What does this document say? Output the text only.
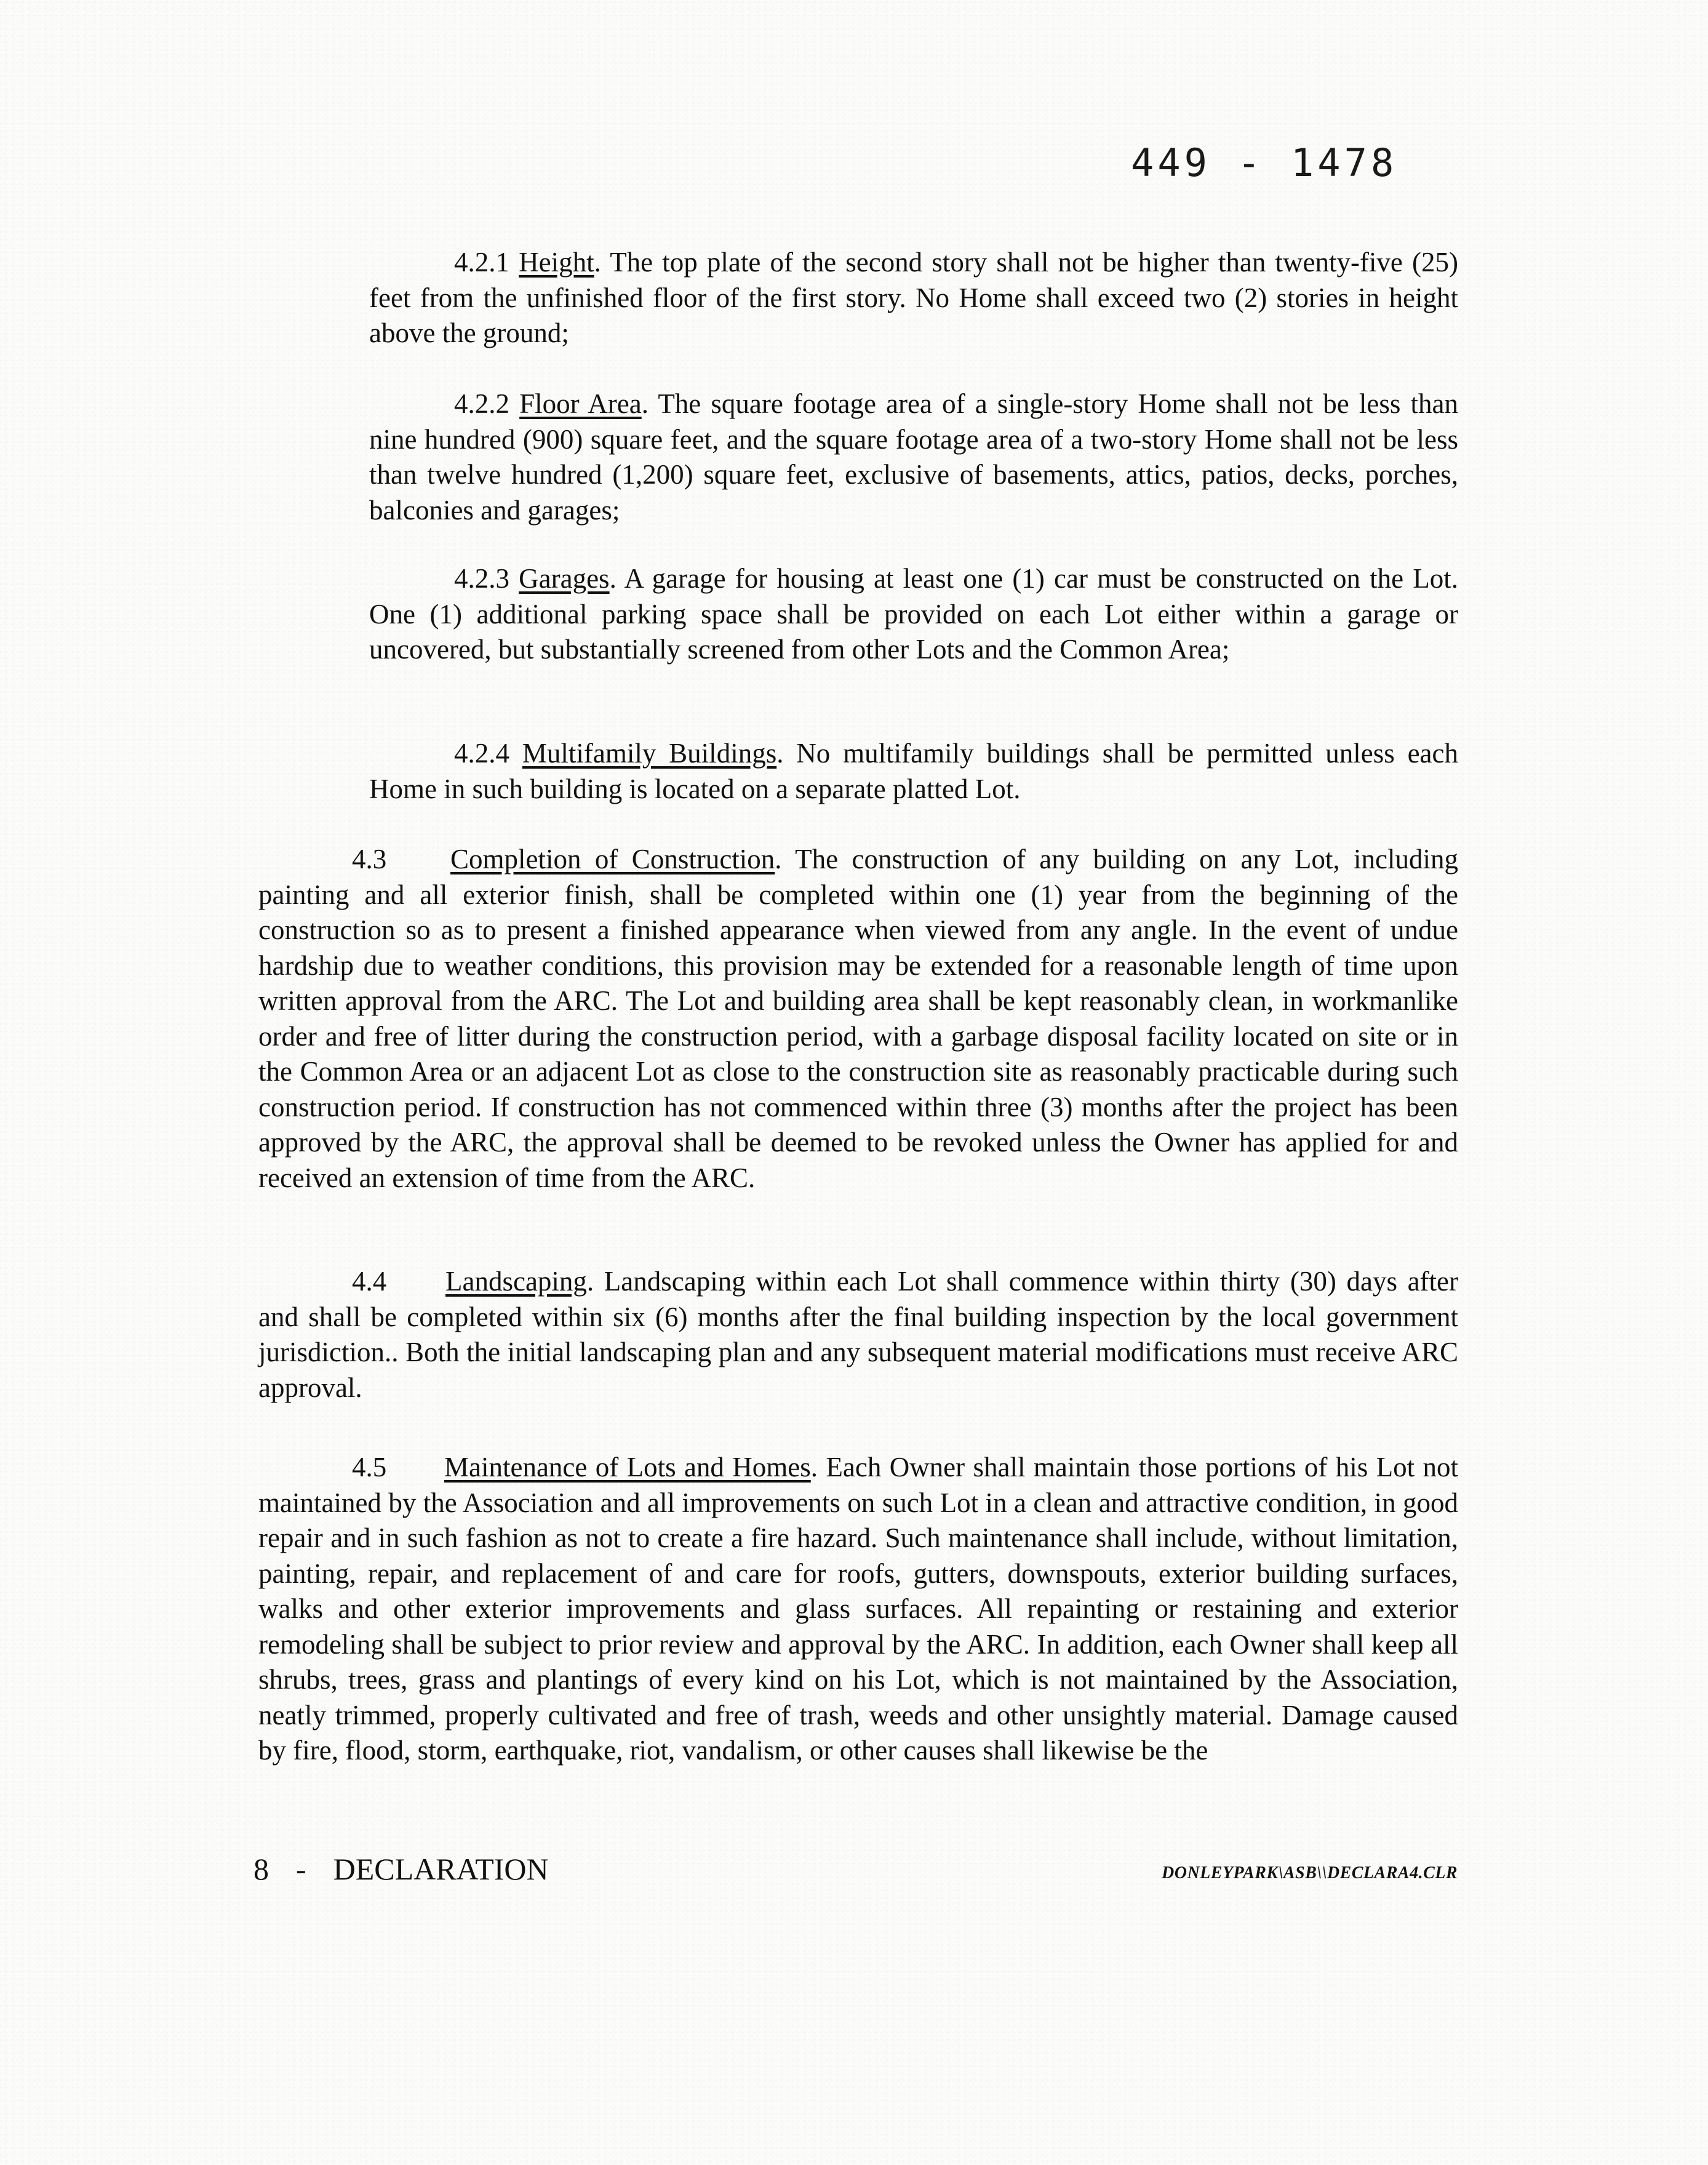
449 - 1478
4.2.1 Height. The top plate of the second story shall not be higher than twenty-five (25) feet from the unfinished floor of the first story. No Home shall exceed two (2) stories in height above the ground;
4.2.2 Floor Area. The square footage area of a single-story Home shall not be less than nine hundred (900) square feet, and the square footage area of a two-story Home shall not be less than twelve hundred (1,200) square feet, exclusive of basements, attics, patios, decks, porches, balconies and garages;
4.2.3 Garages. A garage for housing at least one (1) car must be constructed on the Lot. One (1) additional parking space shall be provided on each Lot either within a garage or uncovered, but substantially screened from other Lots and the Common Area;
4.2.4 Multifamily Buildings. No multifamily buildings shall be permitted unless each Home in such building is located on a separate platted Lot.
4.3 Completion of Construction. The construction of any building on any Lot, including painting and all exterior finish, shall be completed within one (1) year from the beginning of the construction so as to present a finished appearance when viewed from any angle. In the event of undue hardship due to weather conditions, this provision may be extended for a reasonable length of time upon written approval from the ARC. The Lot and building area shall be kept reasonably clean, in workmanlike order and free of litter during the construction period, with a garbage disposal facility located on site or in the Common Area or an adjacent Lot as close to the construction site as reasonably practicable during such construction period. If construction has not commenced within three (3) months after the project has been approved by the ARC, the approval shall be deemed to be revoked unless the Owner has applied for and received an extension of time from the ARC.
4.4 Landscaping. Landscaping within each Lot shall commence within thirty (30) days after and shall be completed within six (6) months after the final building inspection by the local government jurisdiction.. Both the initial landscaping plan and any subsequent material modifications must receive ARC approval.
4.5 Maintenance of Lots and Homes. Each Owner shall maintain those portions of his Lot not maintained by the Association and all improvements on such Lot in a clean and attractive condition, in good repair and in such fashion as not to create a fire hazard. Such maintenance shall include, without limitation, painting, repair, and replacement of and care for roofs, gutters, downspouts, exterior building surfaces, walks and other exterior improvements and glass surfaces. All repainting or restaining and exterior remodeling shall be subject to prior review and approval by the ARC. In addition, each Owner shall keep all shrubs, trees, grass and plantings of every kind on his Lot, which is not maintained by the Association, neatly trimmed, properly cultivated and free of trash, weeds and other unsightly material. Damage caused by fire, flood, storm, earthquake, riot, vandalism, or other causes shall likewise be the
8 - DECLARATION	DONLEYPARK\ASB\\DECLARA4.CLR
